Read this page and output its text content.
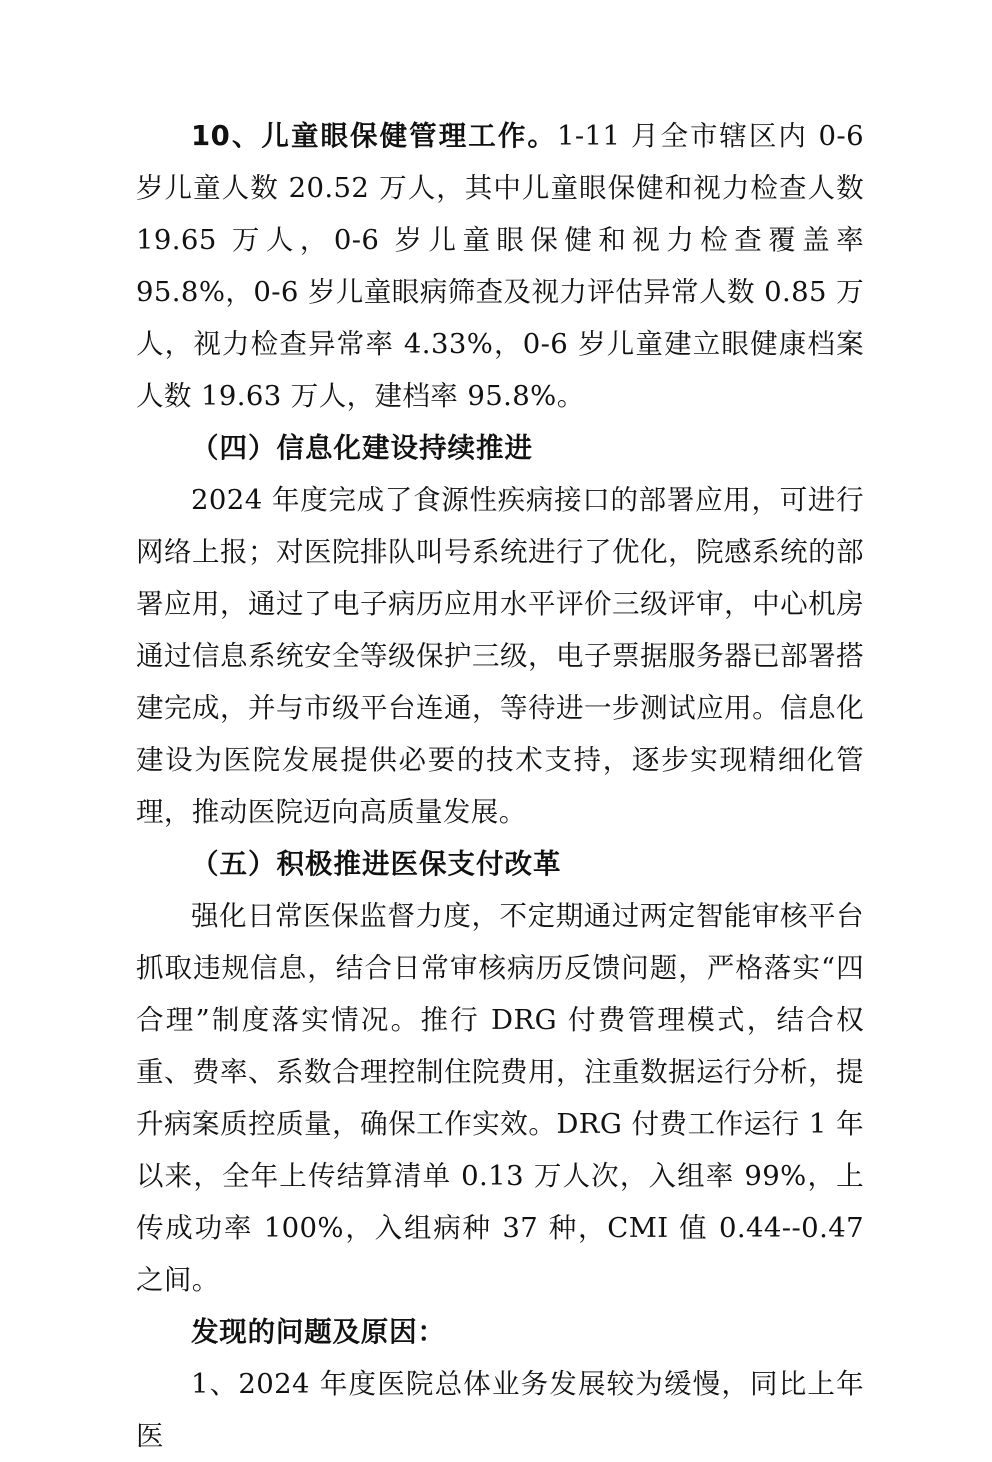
10、儿童眼保健管理工作。1-11 月全市辖区内 0-6 岁儿童人数 20.52 万人，其中儿童眼保健和视力检查人数 19.65 万人，0-6 岁儿童眼保健和视力检查覆盖率 95.8%，0-6 岁儿童眼病筛查及视力评估异常人数 0.85 万人，视力检查异常率 4.33%，0-6 岁儿童建立眼健康档案人数 19.63 万人，建档率 95.8%。

（四）信息化建设持续推进

2024 年度完成了食源性疾病接口的部署应用，可进行网络上报；对医院排队叫号系统进行了优化，院感系统的部署应用，通过了电子病历应用水平评价三级评审，中心机房通过信息系统安全等级保护三级，电子票据服务器已部署搭建完成，并与市级平台连通，等待进一步测试应用。信息化建设为医院发展提供必要的技术支持，逐步实现精细化管理，推动医院迈向高质量发展。

（五）积极推进医保支付改革

强化日常医保监督力度，不定期通过两定智能审核平台抓取违规信息，结合日常审核病历反馈问题，严格落实“四合理”制度落实情况。推行 DRG 付费管理模式，结合权重、费率、系数合理控制住院费用，注重数据运行分析，提升病案质控质量，确保工作实效。DRG 付费工作运行 1 年以来，全年上传结算清单 0.13 万人次，入组率 99%，上传成功率 100%，入组病种 37 种，CMI 值 0.44--0.47 之间。

发现的问题及原因：

1、2024 年度医院总体业务发展较为缓慢，同比上年医
